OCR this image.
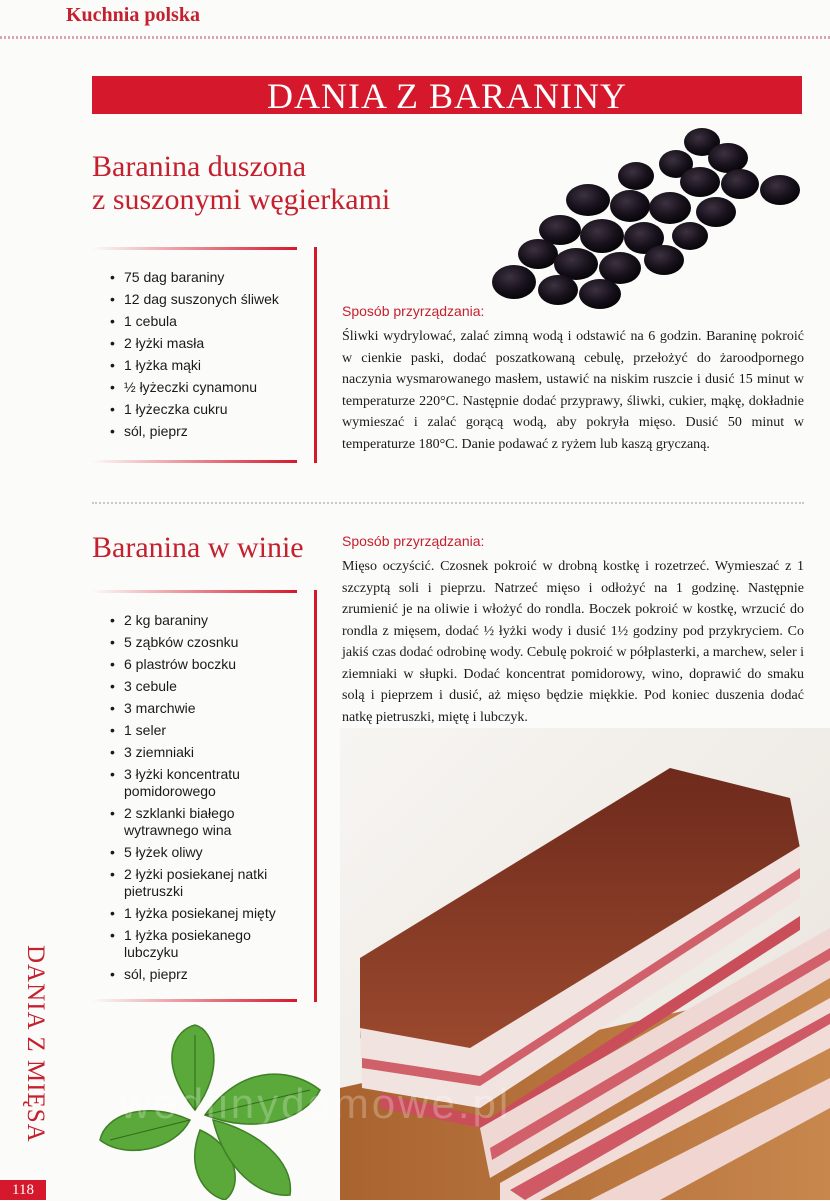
Kuchnia polska
DANIA Z BARANINY
Baranina duszona
z suszonymi węgierkami
• 75 dag baraniny
• 12 dag suszonych śliwek
• 1 cebula
• 2 łyżki masła
• 1 łyżka mąki
• ½ łyżeczki cynamonu
• 1 łyżeczka cukru
• sól, pieprz
Sposób przyrządzania:
Śliwki wydrylować, zalać zimną wodą i odstawić na 6 godzin. Baraninę pokroić w cienkie paski, dodać poszatkowaną cebulę, przełożyć do żaroodpornego naczynia wysmarowanego masłem, ustawić na niskim ruszcie i dusić 15 minut w temperaturze 220°C. Następnie dodać przyprawy, śliwki, cukier, mąkę, dokładnie wymieszać i zalać gorącą wodą, aby pokryła mięso. Dusić 50 minut w temperaturze 180°C. Danie podawać z ryżem lub kaszą gryczaną.
Baranina w winie
• 2 kg baraniny
• 5 ząbków czosnku
• 6 plastrów boczku
• 3 cebule
• 3 marchwie
• 1 seler
• 3 ziemniaki
• 3 łyżki koncentratu pomidorowego
• 2 szklanki białego wytrawnego wina
• 5 łyżek oliwy
• 2 łyżki posiekanej natki pietruszki
• 1 łyżka posiekanej mięty
• 1 łyżka posiekanego lubczyku
• sól, pieprz
Sposób przyrządzania:
Mięso oczyścić. Czosnek pokroić w drobną kostkę i rozetrzeć. Wymieszać z 1 szczyptą soli i pieprzu. Natrzeć mięso i odłożyć na 1 godzinę. Następnie zrumienić je na oliwie i włożyć do rondla. Boczek pokroić w kostkę, wrzucić do rondla z mięsem, dodać ½ łyżki wody i dusić 1½ godziny pod przykryciem. Co jakiś czas dodać odrobinę wody. Cebulę pokroić w półplasterki, a marchew, seler i ziemniaki w słupki. Dodać koncentrat pomidorowy, wino, doprawić do smaku solą i pieprzem i dusić, aż mięso będzie miękkie. Pod koniec duszenia dodać natkę pietruszki, miętę i lubczyk.
wedlinydomowe.pl
DANIA Z MIĘSA
118
